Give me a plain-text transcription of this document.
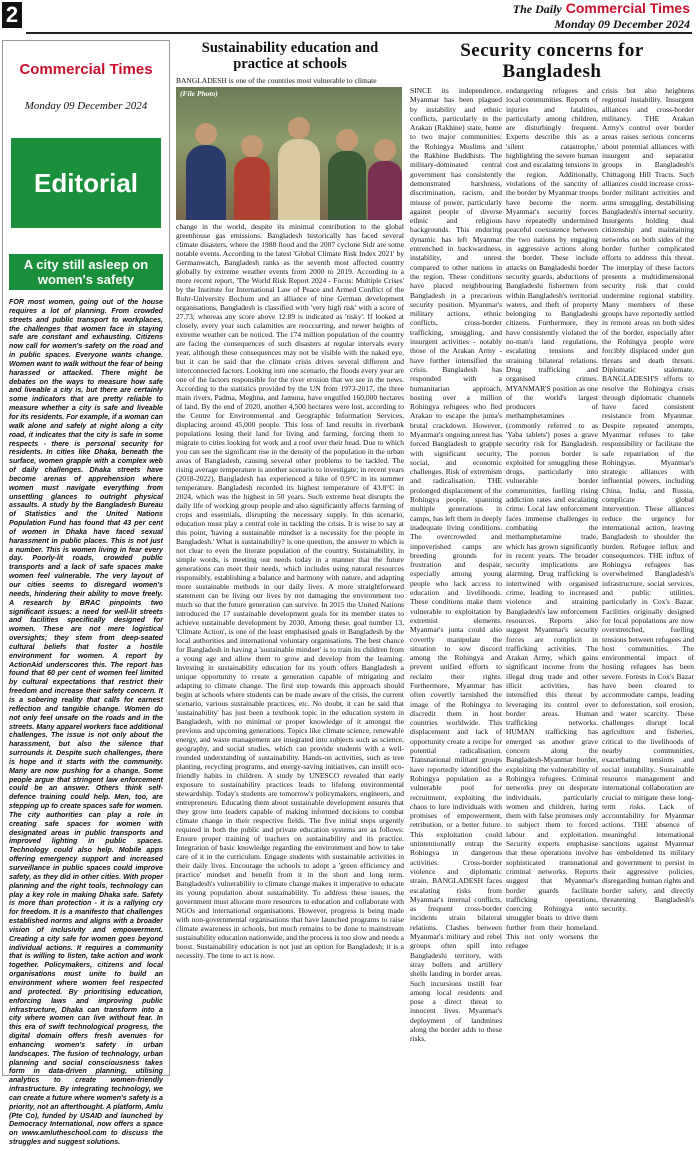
2	The Daily Commercial Times
Monday 09 December 2024
Commercial Times
Monday 09 December 2024
Editorial
A city still asleep on women's safety

FOR most women, going out of the house requires a lot of planning. From crowded streets and public transport to workplaces, the challenges that women face in staying safe are constant and exhausting. Citizens now call for women's safety on the road and in public spaces. Everyone wants change. Women want to walk without the fear of being harassed or attacked. There might be debates on the ways to measure how safe and liveable a city is, but there are certainly some indicators that are pretty reliable to measure whether a city is safe and liveable for its residents. For example, if a woman can walk alone and safely at night along a city road, it indicates that the city is safe in some respects - there is personal security for residents. In cities like Dhaka, beneath the surface, women grapple with a complex web of daily challenges. Dhaka streets have become arenas of apprehension where women must navigate everything from unsettling glances to outright physical assaults. A study by the Bangladesh Bureau of Statistics and the United Nations Population Fund has found that 43 per cent of women in Dhaka have faced sexual harassment in public places. This is not just a number. This is women living in fear every day. Poorly-lit roads, crowded public transports and a lack of safe spaces make women feel vulnerable. The very layout of our cities seems to disregard women's needs, hindering their ability to move freely. A research by BRAC pinpoints two significant issues: a need for well-lit streets and facilities specifically designed for women. These are not mere logistical oversights; they stem from deep-seated cultural beliefs that foster a hostile environment for women. A report by ActionAid underscores this. The report has found that 60 per cent of women feel limited by cultural expectations that restrict their freedom and increase their safety concern. It is a sobering reality that calls for earnest reflection and tangible change. Women do not only feel unsafe on the roads and in the streets. Many apparel workers face additional challenges. The issue is not only about the harassment, but also the silence that surrounds it. Despite such challenges, there is hope and it starts with the community. Many are now pushing for a change. Some people argue that stringent law enforcement could be an answer. Others think self-defence training could help. Men, too, are stepping up to create spaces safe for women. The city authorities can play a role in creating safe spaces for women with designated areas in public transports and improved lighting in public spaces. Technology could also help. Mobile apps offering emergency support and increased surveillance in public spaces could improve safety, as they did in other cities. With proper planning and the right tools, technology can play a key role in making Dhaka safe. Safety is more than protection - it is a rallying cry for freedom. It is a manifesto that challenges established norms and aligns with a broader vision of inclusivity and empowerment. Creating a city safe for women goes beyond individual actions. It requires a community that is willing to listen, take action and work together. Policymakers, citizens and local organisations must unite to build an environment where women feel respected and protected. By prioritising education, enforcing laws and improving public infrastructure, Dhaka can transform into a city where women can live without fear. In this era of swift technological progress, the digital domain offers fresh avenues for enhancing women's safety in urban landscapes. The fusion of technology, urban planning and social consciousness takes form in data-driven planning, utilising analytics to create women-friendly infrastructure. By integrating technology, we can create a future where women's safety is a priority, not an afterthought. A platform, Amlu (Pte Co), funded by USAID and launched by Democracy International, now offers a space on www.amlutheschool.com to discuss the struggles and suggest solutions.

Sustainability education and practice at schools

BANGLADESH is one of the countries most vulnerable to climate

(File Photo)

change in the world, despite its minimal contribution to the global greenhouse gas emissions. Bangladesh historically has faced several climate disasters, where the 1988 flood and the 2007 cyclone Sidr are some notable events. According to the latest 'Global Climate Risk Index 2021' by Germanwatch, Bangladesh ranks as the seventh most affected country globally by extreme weather events from 2000 to 2019. According to a more recent report, 'The World Risk Report 2024 - Focus: Multiple Crises' by the Institute for International Law of Peace and Armed Conflict of the Ruhr-University Bochum and an alliance of nine German development organisations, Bangladesh is classified with 'very high risk' with a score of 27.73; whereas any score above 12.89 is indicated as 'risky'. If looked at closely, every year such calamities are reoccurring, and newer heights of extreme weather can be noticed. The 174 million population of the country are facing the consequences of such disasters at regular intervals every year, although these consequences may not be visible with the naked eye, but it can be said that the climate crisis drives several different and interconnected factors. Looking into one scenario, the floods every year are one of the factors responsible for the river erosion that we see in the news. According to the statistics provided by the UN from 1973-2017, the three main rivers, Padma, Meghna, and Jamuna, have engulfed 160,000 hectares of land. By the end of 2020, another 4,500 hectares were lost, according to the Centre for Environmental and Geographic Information Services, displacing around 45,000 people. This loss of land results in riverbank populations losing their land for living and farming, forcing them to migrate to cities looking for work and a roof over their head. Due to which you can see the significant rise in the density of the population in the urban areas of Bangladesh, causing several other problems to be tackled. The rising average temperature is another scenario to investigate; in recent years (2018-2022), Bangladesh has experienced a hike of 0.9°C in its summer temperature. Bangladesh recorded its highest temperature of 43.8°C in 2024, which was the highest in 50 years. Such extreme heat disrupts the daily life of working group people and also significantly affects farming of crops and essentials, disrupting the necessary supply. In this scenario, education must play a central role in tackling the crisis. It is wise to say at this point, 'having a sustainable mindset is a necessity for the people in Bangladesh.' What is sustainability? is one question, the answer to which is not clear to even the literate population of the country. Sustainability, in simple words, is meeting our needs today in a manner that the future generations can meet their needs, which includes using natural resources responsibly, establishing a balance and harmony with nature, and adapting more sustainable methods in our daily lives. A more straightforward statement can be living our lives by not damaging the environment too much so that the future generation can survive. In 2015 the United Nations introduced the 17 sustainable development goals for its member states to achieve sustainable development by 2030. Among these, goal number 13, 'Climate Action', is one of the least emphasised goals in Bangladesh by the local authorities and international voluntary organisations. The best chance for Bangladesh in having a 'sustainable mindset' is to train its children from a young age and allow them to grow and develop from the learning. Investing in sustainability education for its youth offers Bangladesh a unique opportunity to create a generation capable of mitigating and adapting to climate change. The first step towards this approach should begin at schools where students can be made aware of the crisis, the current scenario, various sustainable practices, etc. No doubt, it can be said that 'sustainability' has just been a textbook topic in the education system in Bangladesh, with no minimal or proper knowledge of it amongst the previous and upcoming generations. Topics like climate science, renewable energy, and waste management are integrated into subjects such as science, geography, and social studies, which can provide students with a well-rounded understanding of sustainability. Hands-on activities, such as tree planting, recycling programs, and energy-saving initiatives, can instill eco-friendly habits in children. A study by UNESCO revealed that early exposure to sustainability practices leads to lifelong environmental stewardship. Today's students are tomorrow's policymakers, engineers, and entrepreneurs. Educating them about sustainable development ensures that they grow into leaders capable of making informed decisions to combat climate change in their respective fields. The five initial steps urgently required in both the public and private education systems are as follows: Ensure proper training of teachers on sustainability and its practice. Integration of basic knowledge regarding the environment and how to take care of it in the curriculum. Engage students with sustainable activities in their daily lives. Encourage the schools to adopt a 'green efficiency and practice' mindset and benefit from it in the short and long term. Bangladesh's vulnerability to climate change makes it imperative to educate its young population about sustainability. To address these issues, the government must allocate more resources to education and collaborate with NGOs and international organisations. However, progress is being made with non-governmental organisations that have launched programs to raise climate awareness in schools, but much remains to be done to mainstream sustainability education nationwide, and the process is too slow and needs a boost. Sustainability education is not just an option for Bangladesh; it is a necessity. The time to act is now.

Security concerns for Bangladesh

SINCE its independence, Myanmar has been plagued by instability and ethnic conflicts, particularly in the Arakan (Rakhine) state, home to two major communities: the Rohingya Muslims and the Rakhine Buddhists. The military-dominated central government has consistently demonstrated harshness, discrimination, racism, and misuse of power, particularly against people of diverse ethnic and religious backgrounds. This enduring dynamic has left Myanmar entrenched in backwardness, instability, and unrest compared to other nations in the region. These conditions have placed neighbouring Bangladesh in a precarious security position. Myanmar's military actions, ethnic conflicts, cross-border trafficking, smuggling, and insurgent activities - notably those of the Arakan Army - have further intensified the crisis. Bangladesh has responded with a humanitarian approach, hosting over a million Rohingya refugees who fled Arakan to escape the junta's brutal crackdown. However, Myanmar's ongoing unrest has forced Bangladesh to grapple with significant security, social, and economic challenges. Risk of extremism and radicalisation. THE prolonged displacement of the Rohingya people, spanning multiple generations in camps, has left them in deeply inadequate living conditions. The overcrowded and impoverished camps are breeding grounds for frustration and despair, especially among young people who lack access to education and livelihoods. These conditions make them vulnerable to exploitation by extremist elements. Myanmar's junta could also covertly manipulate the situation to sow discord among the Rohingya and prevent unified efforts to reclaim their rights. Furthermore, Myanmar has often covertly tarnished the image of the Rohingya to discredit them in host countries worldwide. This displacement and lack of opportunity create a recipe for potential radicalisation. Transnational militant groups have reportedly identified the Rohingya population as a vulnerable pool for recruitment, exploiting the chaos to lure individuals with promises of empowerment, retribution, or a better future. This exploitation could unintentionally entrap the Rohingya in dangerous activities. Cross-border violence and diplomatic strain. BANGLADESH faces escalating risks from Myanmar's internal conflicts, as frequent cross-border incidents strain bilateral relations. Clashes between Myanmar's military and rebel groups often spill into Bangladeshi territory, with stray bullets and artillery shells landing in border areas. Such incursions instill fear among local residents and pose a direct threat to innocent lives. Myanmar's deployment of landmines along the border adds to these risks,

endangering refugees and local communities. Reports of injuries and fatalities, particularly among children, are disturbingly frequent. Experts describe this as a 'silent catastrophe,' highlighting the severe human cost and escalating tensions in the region. Additionally, violations of the sanctity of the border by Myanmar troops have become the norm. Myanmar's security forces have repeatedly undermined peaceful coexistence between the two nations by engaging in aggressive actions along the border. These include attacks on Bangladeshi border security guards, abductions of Bangladeshi fishermen from within Bangladesh's territorial waters, and theft of property belonging to Bangladeshi citizens. Furthermore, they have consistently violated the no-man's land regulations, escalating tensions and straining bilateral relations. Drug trafficking and organised crimes. MYANMAR'S position as one of the world's largest producers of methamphetamines (commonly referred to as 'Yaba tablets') poses a grave security risk for Bangladesh. The porous border is exploited for smuggling these drugs, particularly into vulnerable border communities, fuelling rising addiction rates and escalating crime. Local law enforcement faces immense challenges in combating the methamphetamine trade, which has grown significantly in recent years. The broader security implications are alarming. Drug trafficking is intertwined with organised crime, leading to increased violence and straining Bangladesh's law enforcement resources. Reports also suggest Myanmar's security forces are complicit in trafficking activities. The Arakan Army, which gains significant income from the illegal drug trade and other illicit activities, has intensified this threat by leveraging its control over border areas. Human trafficking networks. HUMAN trafficking has emerged as another grave concern along the Bangladesh-Myanmar border, exploiting the vulnerability of Rohingya refugees. Criminal networks prey on desperate individuals, particularly women and children, luring them with false promises only to subject them to forced labour and exploitation. Security experts emphasise that these operations involve sophisticated transnational criminal networks. Reports suggest that Myanmar's border guards facilitate trafficking operations, coercing Rohingya onto smuggler boats to drive them further from their homeland. This not only worsens the refugee

crisis but also heightens regional instability. Insurgent alliances and cross-border militancy. THE Arakan Army's control over border areas raises serious concerns about potential alliances with insurgent and separatist groups in Bangladesh's Chittagong Hill Tracts. Such alliances could increase cross-border militant activities and arms smuggling, destabilising Bangladesh's internal security. Insurgents holding dual citizenship and maintaining networks on both sides of the border further complicated efforts to address this threat. The interplay of these factors presents a multidimensional security risk that could undermine regional stability. Many members of these groups have reportedly settled in remote areas on both sides of the border, especially after the Rohingya people were forcibly displaced under gun threats and death threats. Diplomatic stalemate. BANGLADESH'S efforts to resolve the Rohingya crisis through diplomatic channels have faced consistent resistance from Myanmar. Despite repeated attempts, Myanmar refuses to take responsibility or facilitate the safe repatriation of the Rohingyas. Myanmar's strategic alliances with influential powers, including China, India, and Russia, complicate global intervention. These alliances reduce the urgency for international action, leaving Bangladesh to shoulder the burden. Refugee influx and consequences. THE influx of Rohingya refugees has overwhelmed Bangladesh's infrastructure, social services, and public utilities, particularly in Cox's Bazar. Facilities originally designed for local populations are now overstretched, fuelling tensions between refugees and host communities. The environmental impact of hosting refugees has been severe. Forests in Cox's Bazar have been cleared to accommodate camps, leading to deforestation, soil erosion, and water scarcity. These challenges disrupt local agriculture and fisheries, critical to the livelihoods of nearby communities, exacerbating tensions and social instability. Sustainable resource management and international collaboration are crucial to mitigate these long-term risks. Lack of accountability for Myanmar actions. THE absence of meaningful international sanctions against Myanmar has emboldened its military and government to persist in their aggressive policies, disregarding human rights and border safety, and directly threatening Bangladesh's security.
